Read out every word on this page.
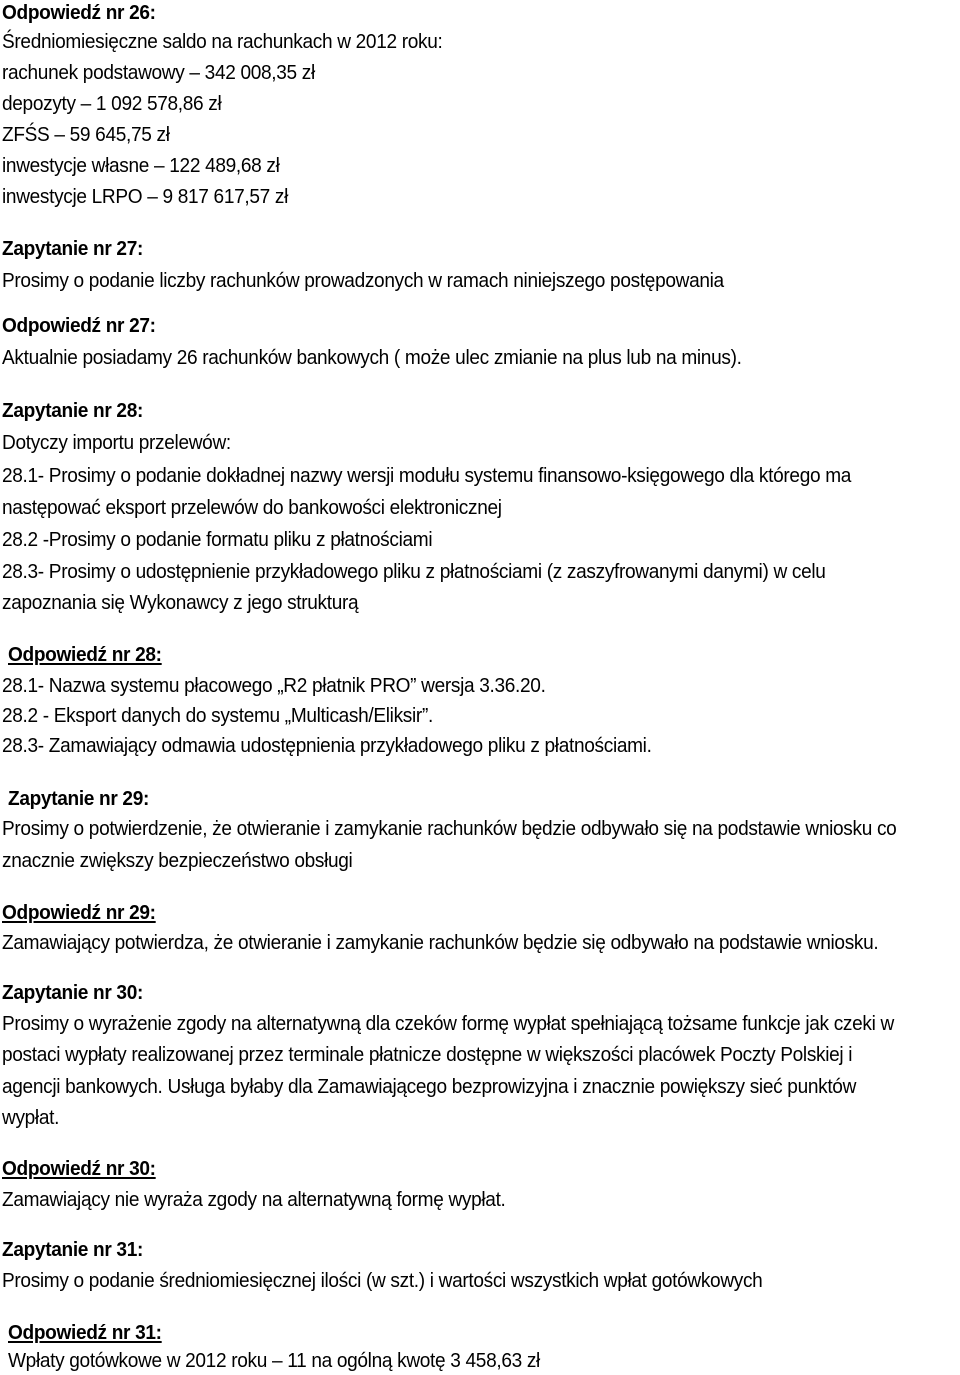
Odpowiedź nr 26:
Średniomiesięczne saldo na rachunkach w 2012 roku:
rachunek podstawowy – 342 008,35 zł
depozyty – 1 092 578,86 zł
ZFŚS – 59 645,75 zł
inwestycje własne – 122 489,68 zł
inwestycje LRPO – 9 817 617,57 zł
Zapytanie nr 27:
Prosimy o podanie liczby rachunków prowadzonych w ramach niniejszego postępowania
Odpowiedź nr 27:
Aktualnie posiadamy 26 rachunków bankowych ( może ulec zmianie na plus lub na minus).
Zapytanie nr 28:
Dotyczy importu przelewów:
28.1- Prosimy o podanie dokładnej nazwy wersji modułu systemu finansowo-księgowego dla którego ma
następować eksport przelewów do bankowości elektronicznej
28.2 -Prosimy o podanie formatu pliku z płatnościami
28.3- Prosimy o udostępnienie przykładowego pliku z płatnościami (z zaszyfrowanymi danymi) w celu
zapoznania się Wykonawcy z jego strukturą
Odpowiedź nr 28:
28.1- Nazwa systemu płacowego „R2 płatnik PRO” wersja 3.36.20.
28.2 - Eksport danych do systemu „Multicash/Eliksir”.
28.3- Zamawiający odmawia udostępnienia przykładowego pliku z płatnościami.
Zapytanie nr 29:
Prosimy o potwierdzenie, że otwieranie i zamykanie rachunków będzie odbywało się na podstawie wniosku co
znacznie zwiększy bezpieczeństwo obsługi
Odpowiedź nr 29:
Zamawiający potwierdza, że otwieranie i zamykanie rachunków będzie się odbywało na podstawie wniosku.
Zapytanie nr 30:
Prosimy o wyrażenie zgody na alternatywną dla czeków formę wypłat spełniającą tożsame funkcje jak czeki w
postaci wypłaty realizowanej przez terminale płatnicze dostępne w większości placówek Poczty Polskiej i
agencji bankowych. Usługa byłaby dla Zamawiającego bezprowizyjna i znacznie powiększy sieć punktów
wypłat.
Odpowiedź nr 30:
Zamawiający nie wyraża zgody na alternatywną formę wypłat.
Zapytanie nr 31:
Prosimy o podanie średniomiesięcznej ilości (w szt.) i wartości wszystkich wpłat gotówkowych
Odpowiedź nr 31:
Wpłaty gotówkowe w 2012 roku – 11 na ogólną kwotę 3 458,63 zł
